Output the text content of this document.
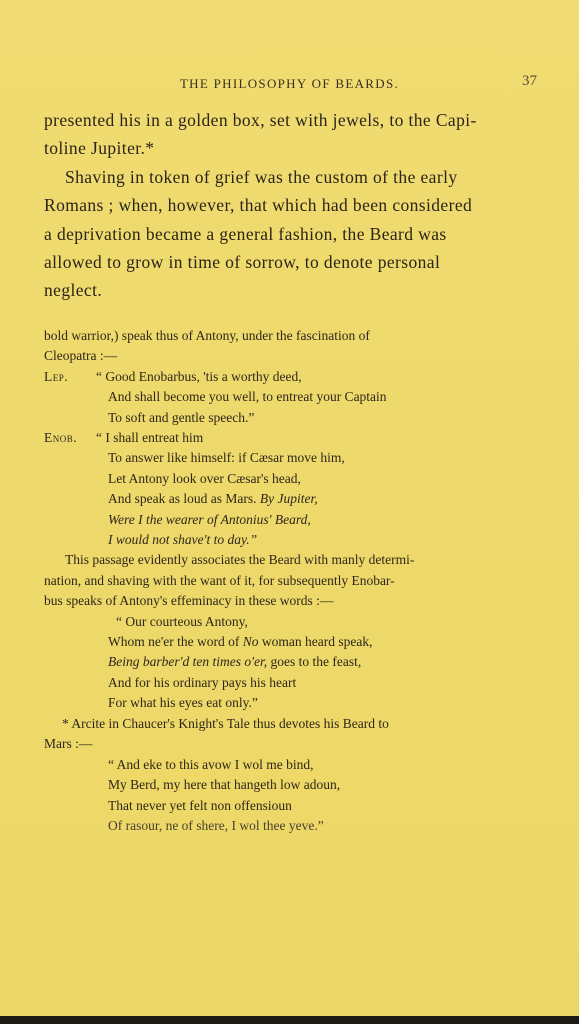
THE PHILOSOPHY OF BEARDS.	37
presented his in a golden box, set with jewels, to the Capi-
toline Jupiter.*
Shaving in token of grief was the custom of the early
Romans ; when, however, that which had been considered
a deprivation became a general fashion, the Beard was
allowed to grow in time of sorrow, to denote personal
neglect.
bold warrior,) speak thus of Antony, under the fascination of
Cleopatra :—
Lep. “ Good Enobarbus, 'tis a worthy deed,
And shall become you well, to entreat your Captain
To soft and gentle speech.”
Enob. “ I shall entreat him
To answer like himself: if Cæsar move him,
Let Antony look over Cæsar's head,
And speak as loud as Mars. By Jupiter,
Were I the wearer of Antonius' Beard,
I would not shave't to day.”
This passage evidently associates the Beard with manly determi-
nation, and shaving with the want of it, for subsequently Enobar-
bus speaks of Antony's effeminacy in these words :—
“ Our courteous Antony,
Whom ne'er the word of No woman heard speak,
Being barber'd ten times o'er, goes to the feast,
And for his ordinary pays his heart
For what his eyes eat only.”
* Arcite in Chaucer's Knight's Tale thus devotes his Beard to
Mars :—
“ And eke to this avow I wol me bind,
My Berd, my here that hangeth low adoun,
That never yet felt non offensioun
Of rasour, ne of shere, I wol thee yeve.”
